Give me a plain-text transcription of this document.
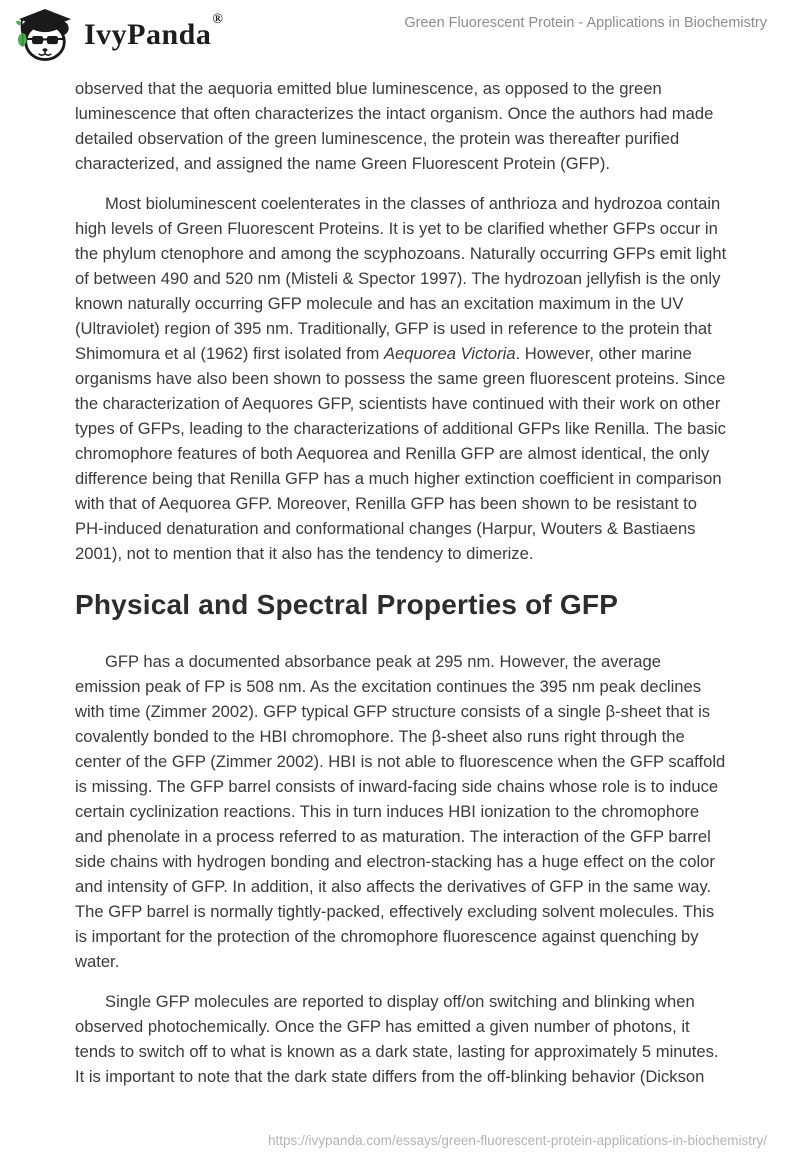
IvyPanda®	Green Fluorescent Protein - Applications in Biochemistry

observed that the aequoria emitted blue luminescence, as opposed to the green luminescence that often characterizes the intact organism. Once the authors had made detailed observation of the green luminescence, the protein was thereafter purified characterized, and assigned the name Green Fluorescent Protein (GFP).

Most bioluminescent coelenterates in the classes of anthrioza and hydrozoa contain high levels of Green Fluorescent Proteins. It is yet to be clarified whether GFPs occur in the phylum ctenophore and among the scyphozoans. Naturally occurring GFPs emit light of between 490 and 520 nm (Misteli & Spector 1997). The hydrozoan jellyfish is the only known naturally occurring GFP molecule and has an excitation maximum in the UV (Ultraviolet) region of 395 nm. Traditionally, GFP is used in reference to the protein that Shimomura et al (1962) first isolated from Aequorea Victoria. However, other marine organisms have also been shown to possess the same green fluorescent proteins. Since the characterization of Aequores GFP, scientists have continued with their work on other types of GFPs, leading to the characterizations of additional GFPs like Renilla. The basic chromophore features of both Aequorea and Renilla GFP are almost identical, the only difference being that Renilla GFP has a much higher extinction coefficient in comparison with that of Aequorea GFP. Moreover, Renilla GFP has been shown to be resistant to PH-induced denaturation and conformational changes (Harpur, Wouters & Bastiaens 2001), not to mention that it also has the tendency to dimerize.

Physical and Spectral Properties of GFP

GFP has a documented absorbance peak at 295 nm. However, the average emission peak of FP is 508 nm. As the excitation continues the 395 nm peak declines with time (Zimmer 2002). GFP typical GFP structure consists of a single β-sheet that is covalently bonded to the HBI chromophore. The β-sheet also runs right through the center of the GFP (Zimmer 2002). HBI is not able to fluorescence when the GFP scaffold is missing. The GFP barrel consists of inward-facing side chains whose role is to induce certain cyclinization reactions. This in turn induces HBI ionization to the chromophore and phenolate in a process referred to as maturation. The interaction of the GFP barrel side chains with hydrogen bonding and electron-stacking has a huge effect on the color and intensity of GFP. In addition, it also affects the derivatives of GFP in the same way. The GFP barrel is normally tightly-packed, effectively excluding solvent molecules. This is important for the protection of the chromophore fluorescence against quenching by water.

Single GFP molecules are reported to display off/on switching and blinking when observed photochemically. Once the GFP has emitted a given number of photons, it tends to switch off to what is known as a dark state, lasting for approximately 5 minutes. It is important to note that the dark state differs from the off-blinking behavior (Dickson

https://ivypanda.com/essays/green-fluorescent-protein-applications-in-biochemistry/
